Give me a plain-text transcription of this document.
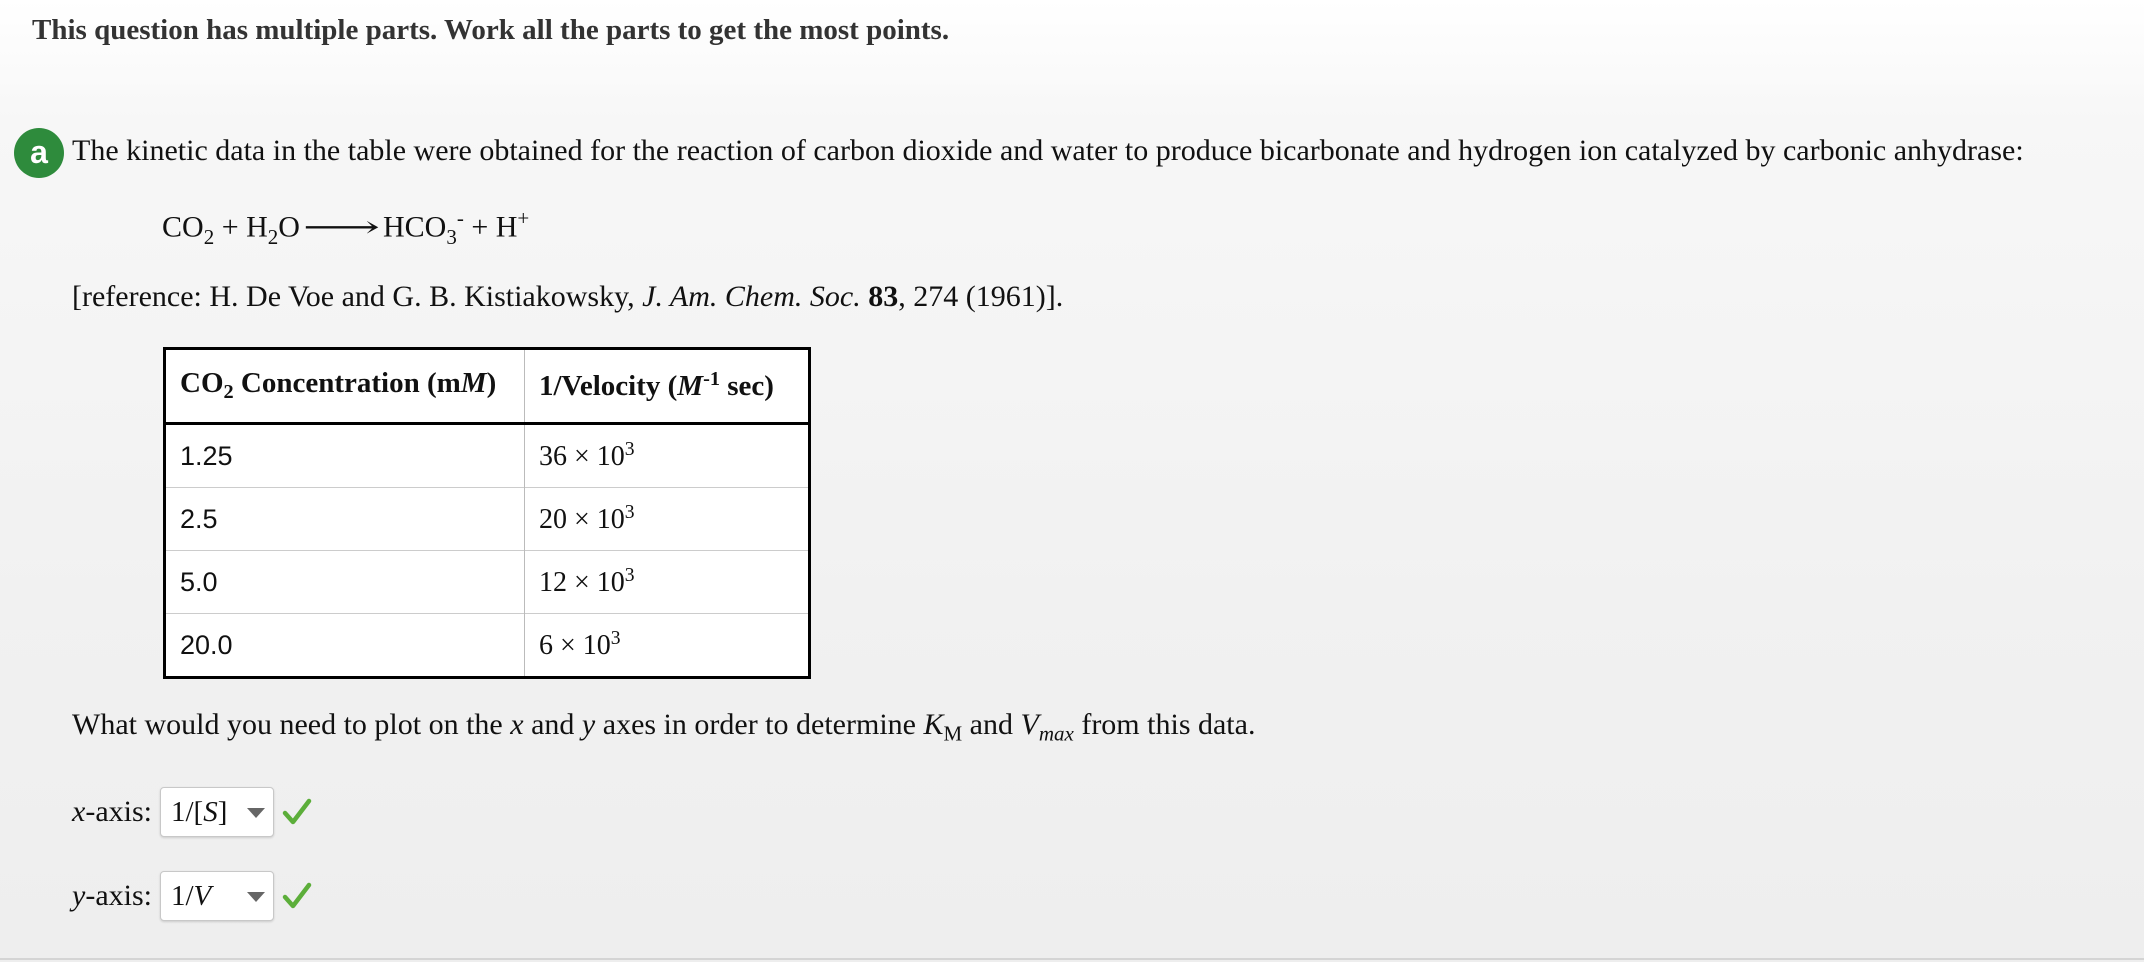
This question has multiple parts. Work all the parts to get the most points.
a The kinetic data in the table were obtained for the reaction of carbon dioxide and water to produce bicarbonate and hydrogen ion catalyzed by carbonic anhydrase:
$CO_2$ + $H_2O⟶HCO_3^- + H^+$
[reference: H. De Voe and G. B. Kistiakowsky, J. Am. Chem. Soc. 83, 274 (1961)].
$CO_2$ Concentration (mM)	1/Velocity ($M^{-1}$ sec)
1.25	$36 \times 10^3$
2.5	$20 \times 10^3$
5.0	$12 \times 10^3$
20.0	$6 \times 10^3$
What would you need to plot on the x and y axes in order to determine $K_M$ and $V_{max}$ from this data.
x-axis: 1/[ S ]
y-axis: 1/ V
